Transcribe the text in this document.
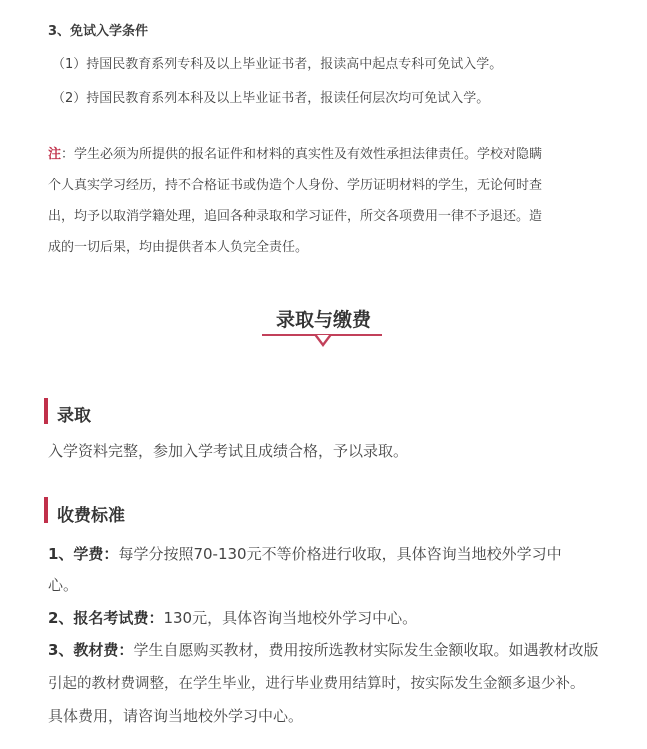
3、免试入学条件
（1）持国民教育系列专科及以上毕业证书者，报读高中起点专科可免试入学。
（2）持国民教育系列本科及以上毕业证书者，报读任何层次均可免试入学。
注：学生必须为所提供的报名证件和材料的真实性及有效性承担法律责任。学校对隐瞒
个人真实学习经历，持不合格证书或伪造个人身份、学历证明材料的学生，无论何时查
出，均予以取消学籍处理，追回各种录取和学习证件，所交各项费用一律不予退还。造
成的一切后果，均由提供者本人负完全责任。
录取与缴费
录取
入学资料完整，参加入学考试且成绩合格，予以录取。
收费标准
1、学费：每学分按照70-130元不等价格进行收取，具体咨询当地校外学习中
心。
2、报名考试费：130元，具体咨询当地校外学习中心。
3、教材费：学生自愿购买教材，费用按所选教材实际发生金额收取。如遇教材改版
引起的教材费调整，在学生毕业，进行毕业费用结算时，按实际发生金额多退少补。
具体费用，请咨询当地校外学习中心。
